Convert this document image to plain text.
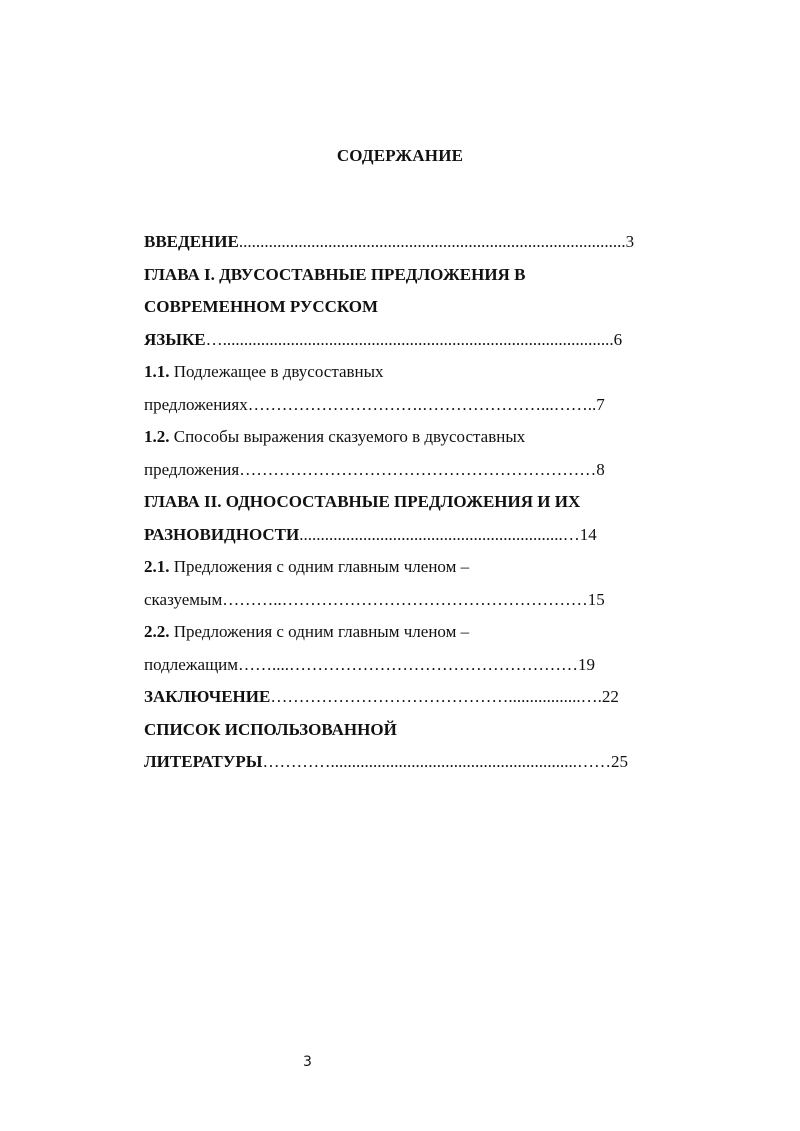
СОДЕРЖАНИЕ
ВВЕДЕНИЕ...........................................................................................3
ГЛАВА I. ДВУСОСТАВНЫЕ ПРЕДЛОЖЕНИЯ В
СОВРЕМЕННОМ РУССКОМ
ЯЗЫКЕ…............................................................................................6
1.1. Подлежащее в двусоставных
предложениях………………………….…………………...……..7
1.2. Способы выражения сказуемого в двусоставных
предложения………………………………………………………8
ГЛАВА II. ОДНОСОСТАВНЫЕ ПРЕДЛОЖЕНИЯ И ИХ
РАЗНОВИДНОСТИ..............................................................…14
2.1. Предложения с одним главным членом –
сказуемым………..………………………………………………15
2.2. Предложения с одним главным членом –
подлежащим……....……………………………………………19
ЗАКЛЮЧЕНИЕ…………………………………….................….22
СПИСОК ИСПОЛЬЗОВАННОЙ
ЛИТЕРАТУРЫ…………..........................................................……25
3
